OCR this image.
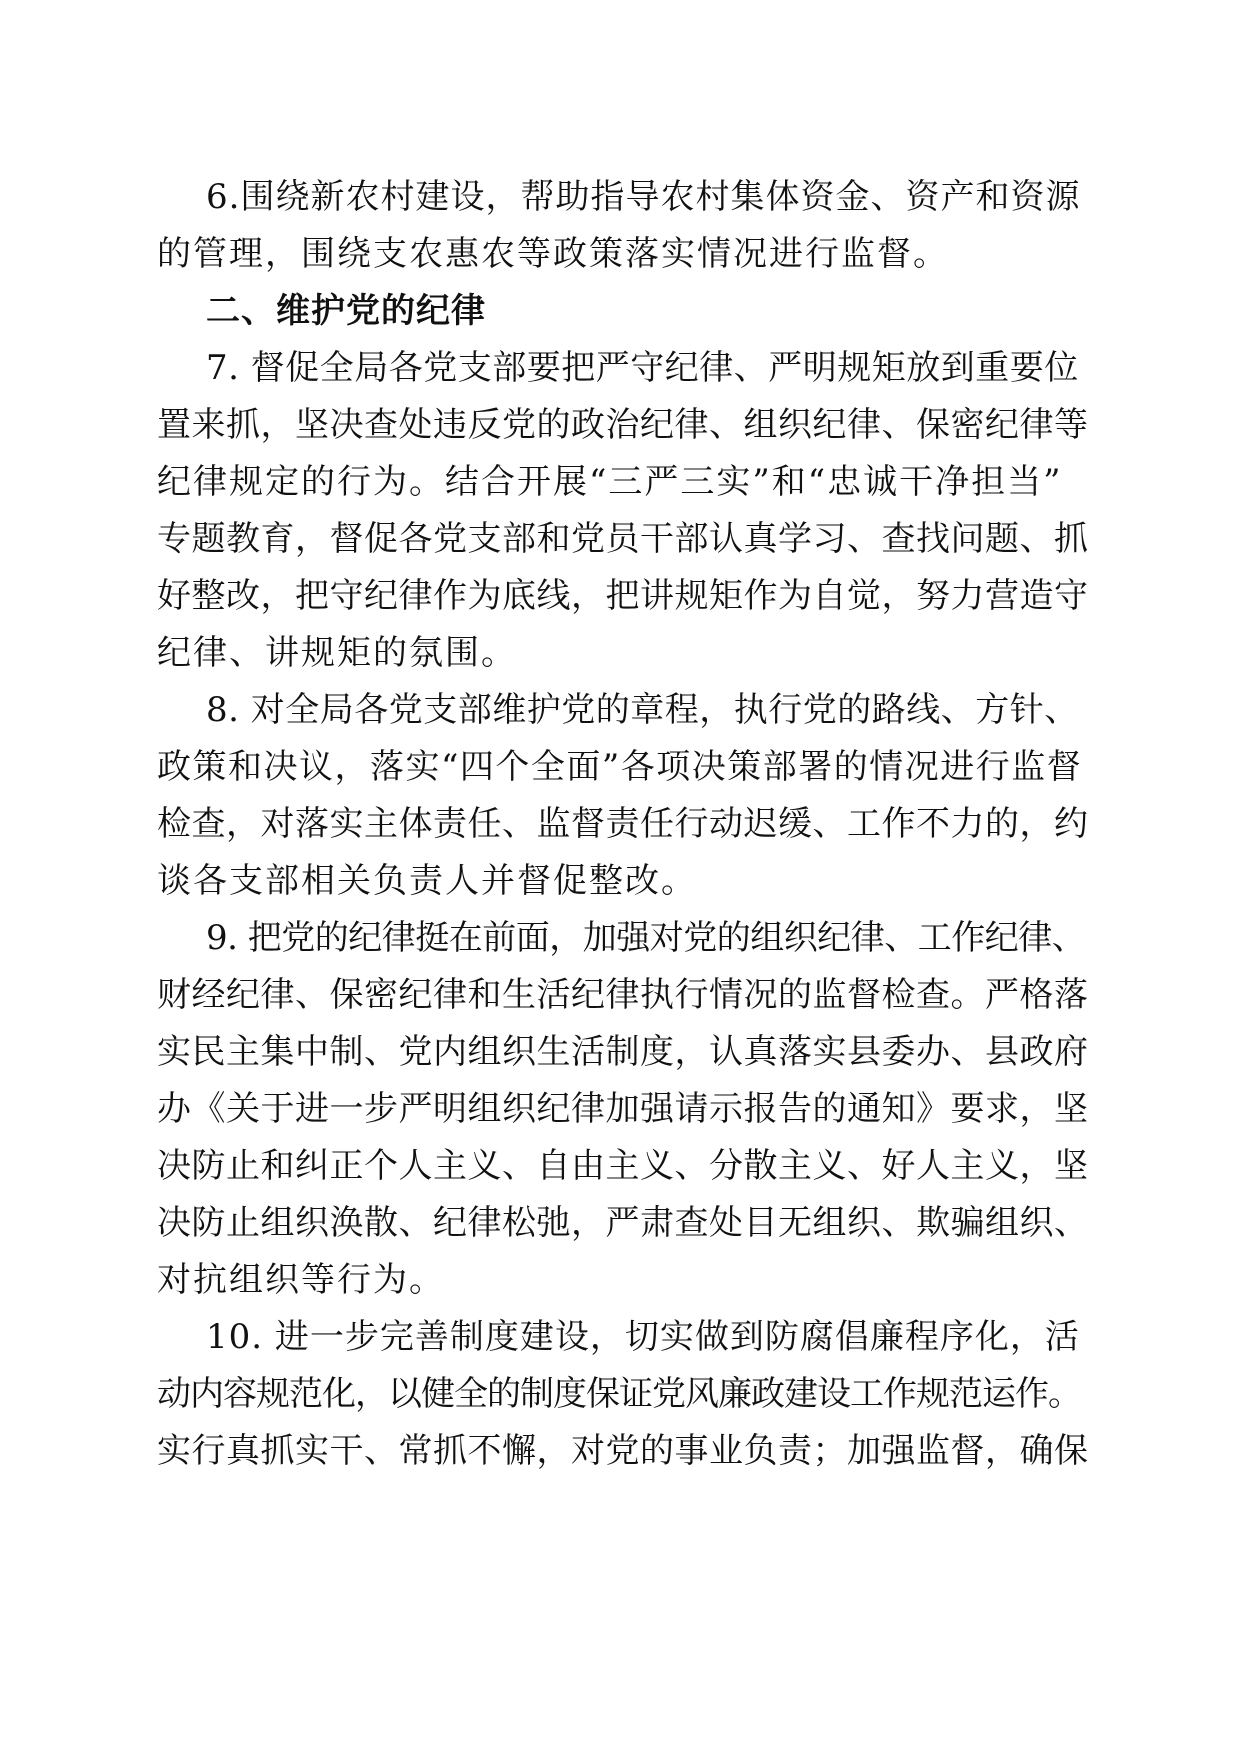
6.围绕新农村建设，帮助指导农村集体资金、资产和资源
的管理，围绕支农惠农等政策落实情况进行监督。
二、维护党的纪律
7. 督促全局各党支部要把严守纪律、严明规矩放到重要位
置来抓，坚决查处违反党的政治纪律、组织纪律、保密纪律等
纪律规定的行为。结合开展“三严三实”和“忠诚干净担当”
专题教育，督促各党支部和党员干部认真学习、查找问题、抓
好整改，把守纪律作为底线，把讲规矩作为自觉，努力营造守
纪律、讲规矩的氛围。
8. 对全局各党支部维护党的章程，执行党的路线、方针、
政策和决议，落实“四个全面”各项决策部署的情况进行监督
检查，对落实主体责任、监督责任行动迟缓、工作不力的，约
谈各支部相关负责人并督促整改。
9. 把党的纪律挺在前面，加强对党的组织纪律、工作纪律、
财经纪律、保密纪律和生活纪律执行情况的监督检查。严格落
实民主集中制、党内组织生活制度，认真落实县委办、县政府
办《关于进一步严明组织纪律加强请示报告的通知》要求，坚
决防止和纠正个人主义、自由主义、分散主义、好人主义，坚
决防止组织涣散、纪律松弛，严肃查处目无组织、欺骗组织、
对抗组织等行为。
10. 进一步完善制度建设，切实做到防腐倡廉程序化，活
动内容规范化，以健全的制度保证党风廉政建设工作规范运作。
实行真抓实干、常抓不懈，对党的事业负责；加强监督，确保
